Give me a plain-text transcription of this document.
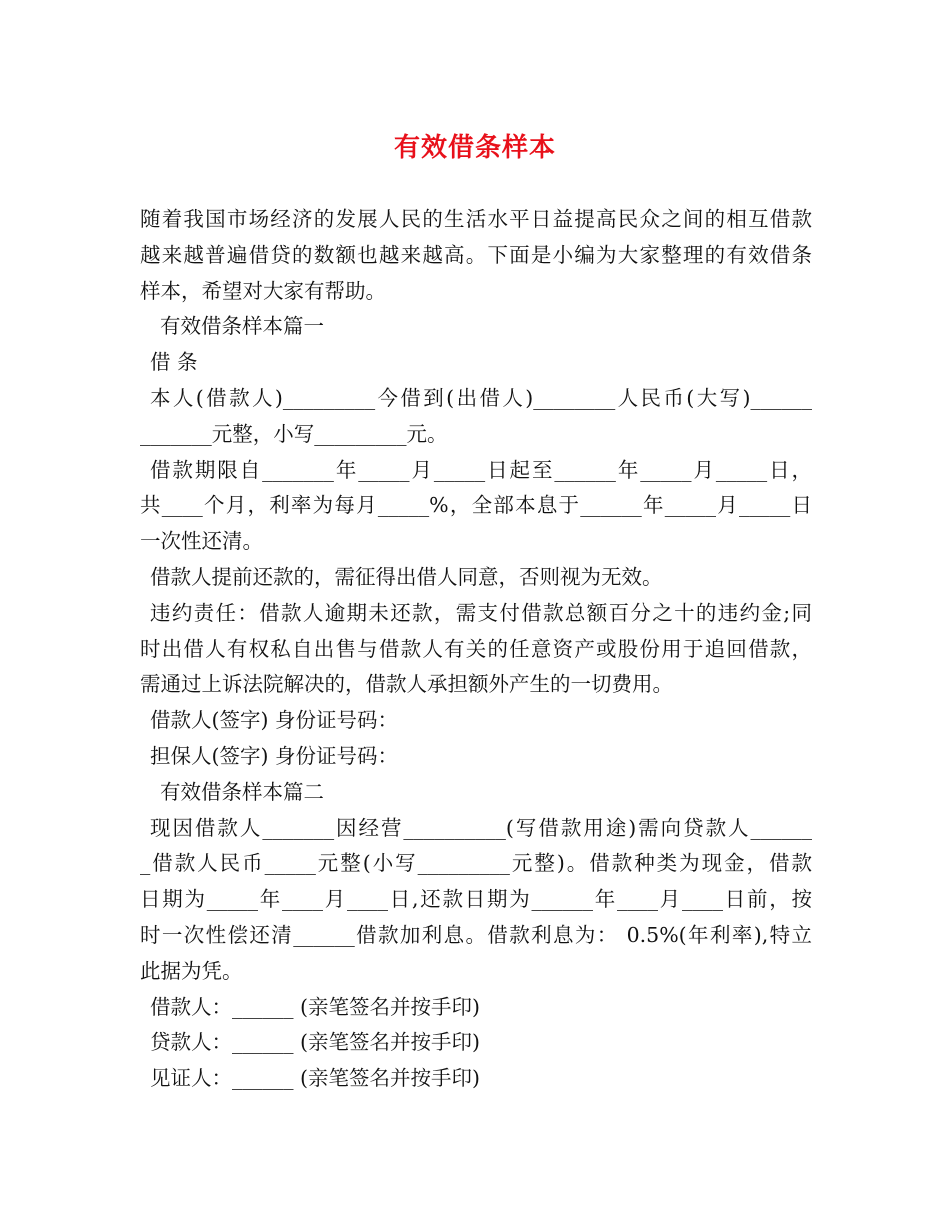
有效借条样本
随着我国市场经济的发展人民的生活水平日益提高民众之间的相互借款
越来越普遍借贷的数额也越来越高。下面是小编为大家整理的有效借条
样本，希望对大家有帮助。
有效借条样本篇一
借 条
本人(借款人)_________今借到(出借人)________人民币(大写)______
_______元整，小写_________元。
借款期限自_______年_____月_____日起至______年_____月_____日，
共____个月，利率为每月_____%，全部本息于______年_____月_____日
一次性还清。
借款人提前还款的，需征得出借人同意，否则视为无效。
违约责任：借款人逾期未还款，需支付借款总额百分之十的违约金;同
时出借人有权私自出售与借款人有关的任意资产或股份用于追回借款，
需通过上诉法院解决的，借款人承担额外产生的一切费用。
借款人(签字) 身份证号码：
担保人(签字) 身份证号码：
有效借条样本篇二
现因借款人_______因经营__________(写借款用途)需向贷款人______
_借款人民币_____元整(小写_________元整)。借款种类为现金，借款
日期为_____年____月____日,还款日期为______年____月____日前，按
时一次性偿还清______借款加利息。借款利息为： 0.5%(年利率),特立
此据为凭。
借款人：______ (亲笔签名并按手印)
贷款人：______ (亲笔签名并按手印)
见证人：______ (亲笔签名并按手印)
